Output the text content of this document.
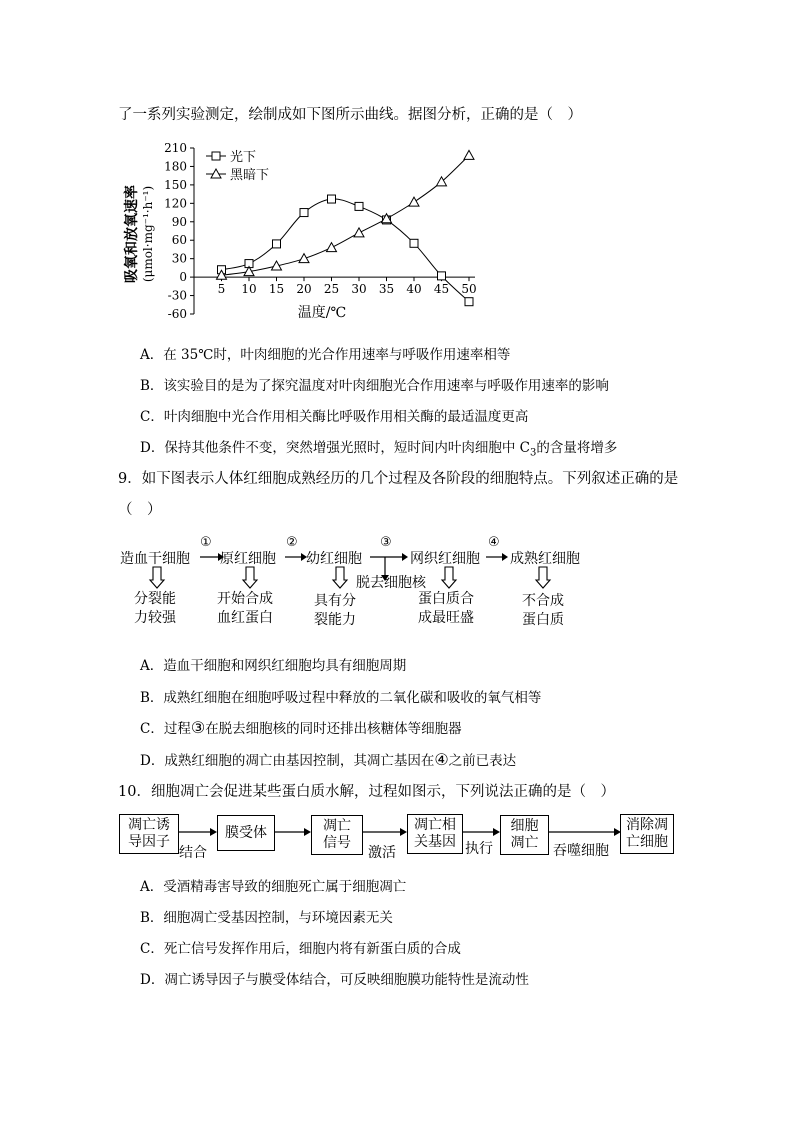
了一系列实验测定，绘制成如下图所示曲线。据图分析，正确的是（　）
210
180
150
120
90
60
30
0
-30
-60
5 10 15 20 25 30 35 40 45 50
光下
黑暗下
温度/℃
吸氧和放氧速率 (μmol·mg⁻¹·h⁻¹)
A．在 35℃时，叶肉细胞的光合作用速率与呼吸作用速率相等
B．该实验目的是为了探究温度对叶肉细胞光合作用速率与呼吸作用速率的影响
C．叶肉细胞中光合作用相关酶比呼吸作用相关酶的最适温度更高
D．保持其他条件不变，突然增强光照时，短时间内叶肉细胞中 $C_3$的含量将增多
9．如下图表示人体红细胞成熟经历的几个过程及各阶段的细胞特点。下列叙述正确的是
（　）
造血干细胞 原红细胞 幼红细胞	网织红细胞 成熟红细胞
①	②	③	④
脱去细胞核
分裂能
力较强
开始合成
血红蛋白
具有分
裂能力
蛋白质合
成最旺盛
不合成
蛋白质
A．造血干细胞和网织红细胞均具有细胞周期
B．成熟红细胞在细胞呼吸过程中释放的二氧化碳和吸收的氧气相等
C．过程③在脱去细胞核的同时还排出核糖体等细胞器
D．成熟红细胞的凋亡由基因控制，其凋亡基因在④之前已表达
10．细胞凋亡会促进某些蛋白质水解，过程如图示，下列说法正确的是（　）
凋亡诱
导因子
膜受体	凋亡
信号
凋亡相
关基因
细胞
凋亡
消除凋
亡细胞
结合	激活	执行	吞噬细胞
A．受酒精毒害导致的细胞死亡属于细胞凋亡
B．细胞凋亡受基因控制，与环境因素无关
C．死亡信号发挥作用后，细胞内将有新蛋白质的合成
D．凋亡诱导因子与膜受体结合，可反映细胞膜功能特性是流动性
